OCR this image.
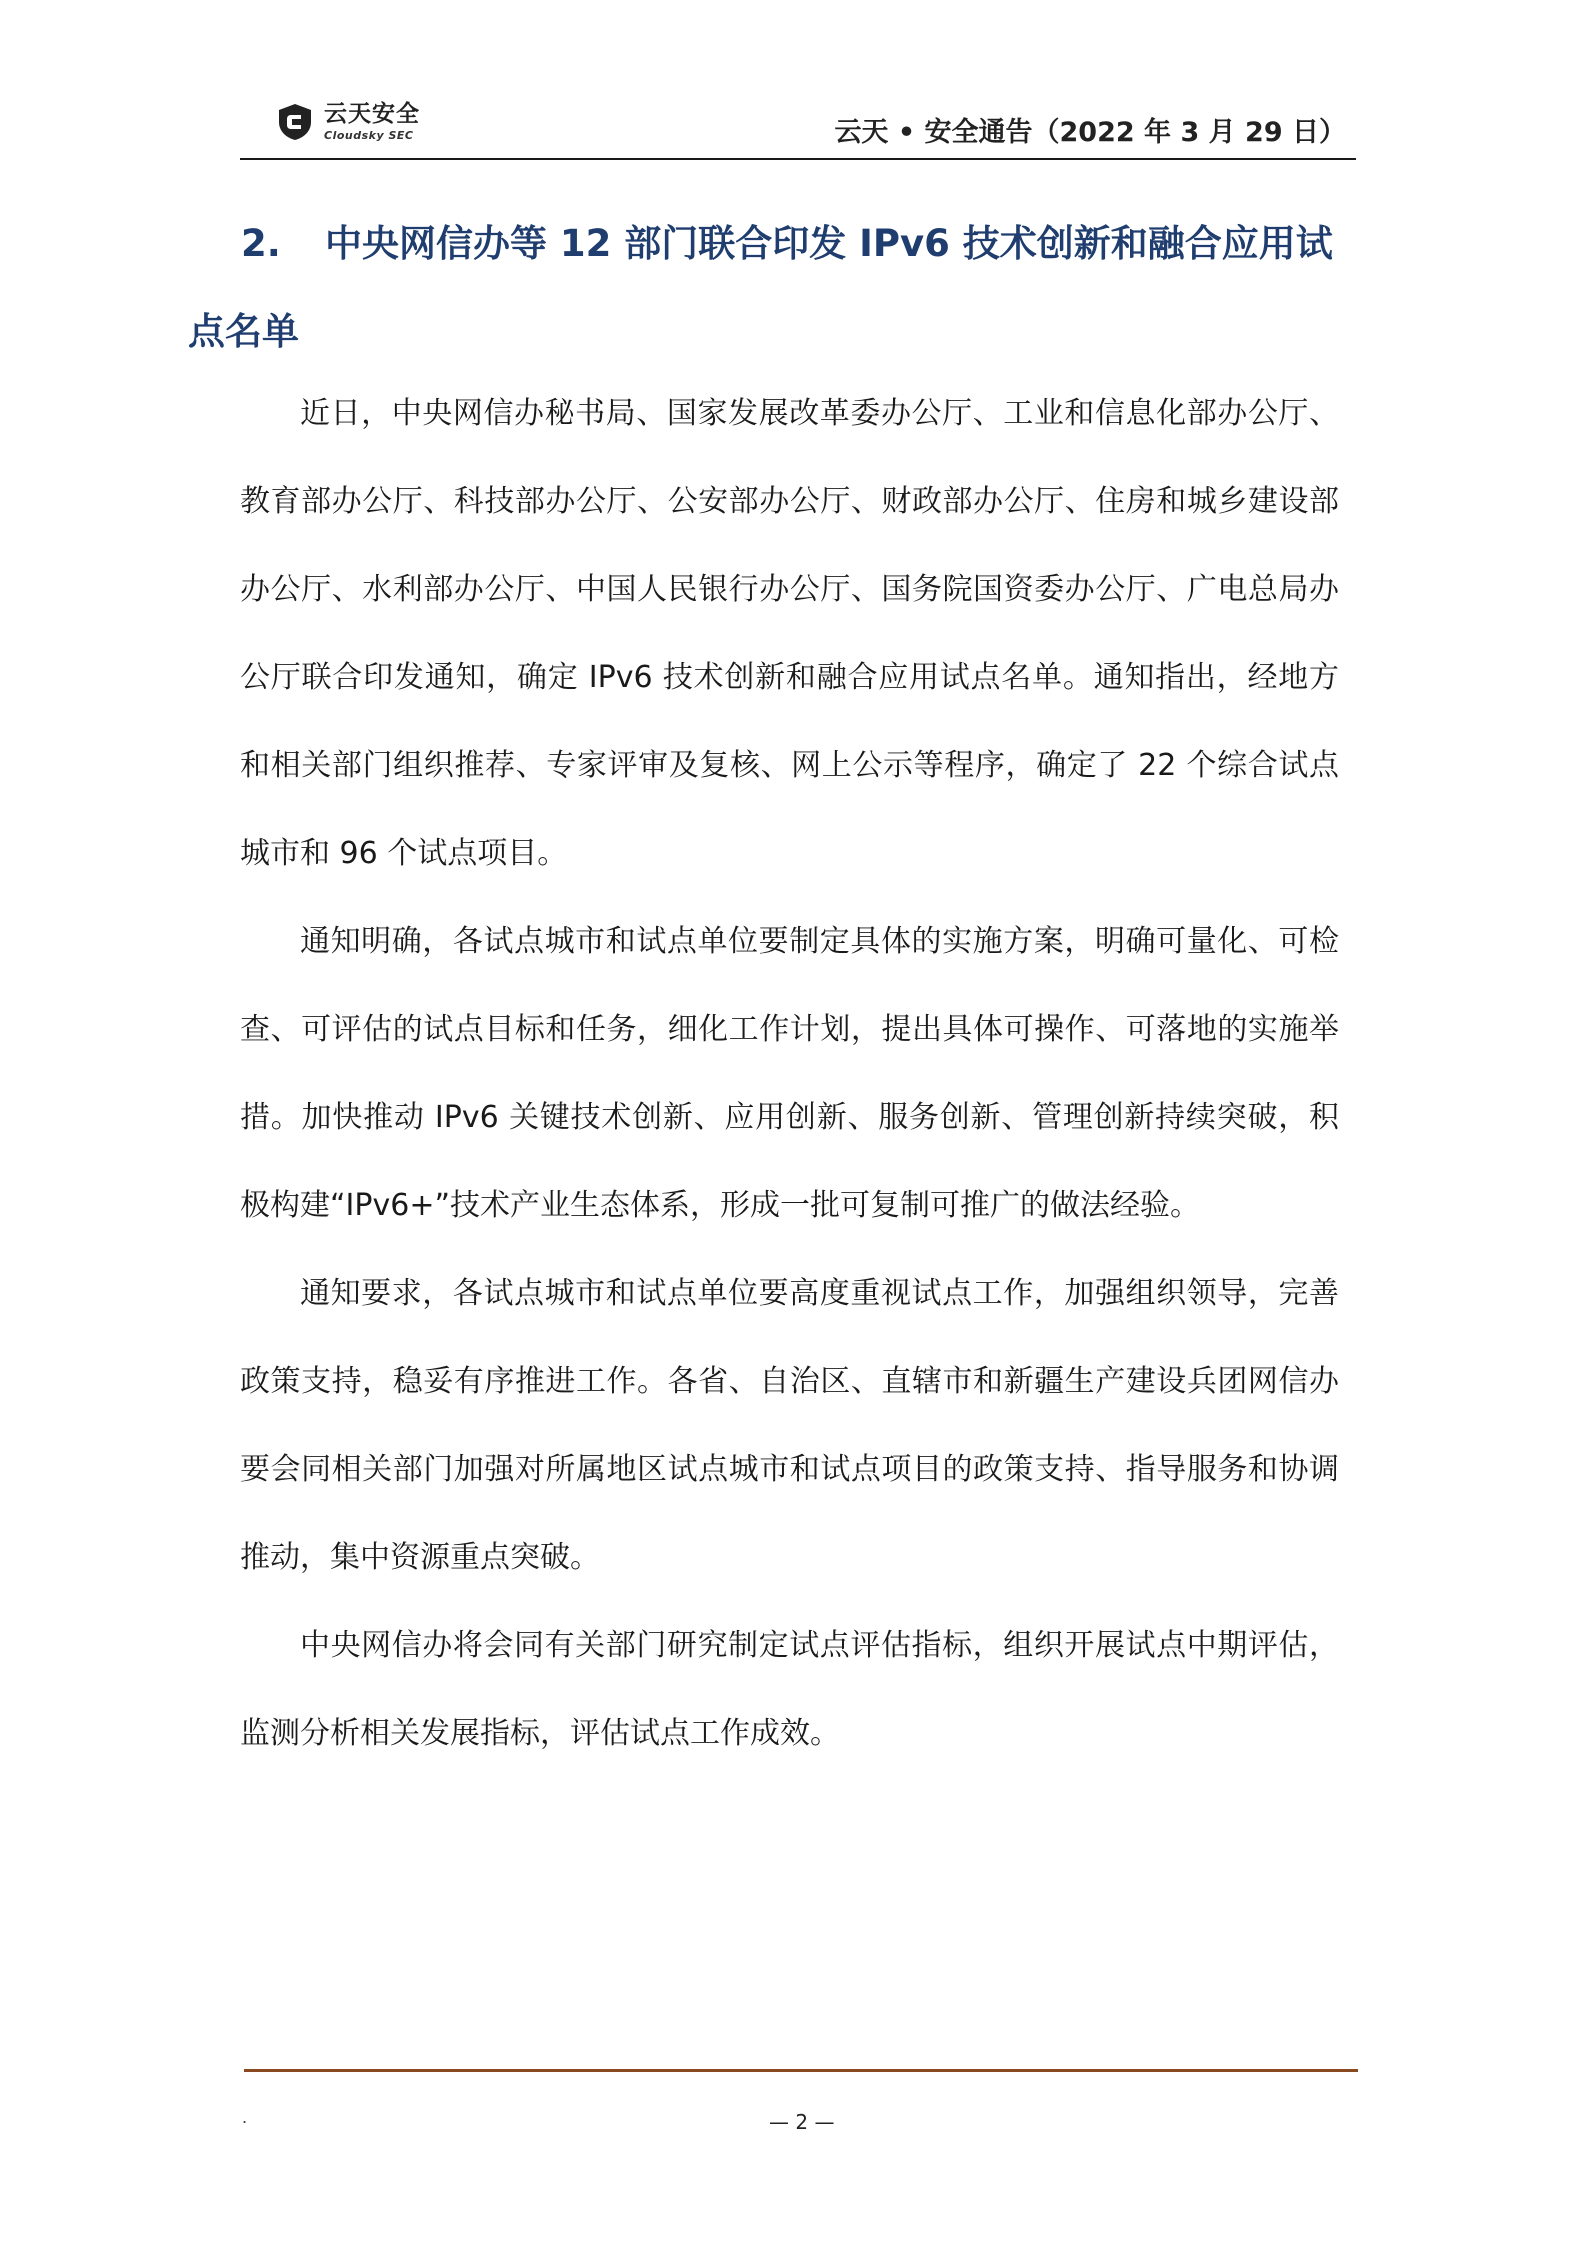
云天安全
Cloudsky SEC	云天 • 安全通告（2022 年 3 月 29 日）
2. 中央网信办等 12 部门联合印发 IPv6 技术创新和融合应用试点名单

近日，中央网信办秘书局、国家发展改革委办公厅、工业和信息化部办公厅、教育部办公厅、科技部办公厅、公安部办公厅、财政部办公厅、住房和城乡建设部办公厅、水利部办公厅、中国人民银行办公厅、国务院国资委办公厅、广电总局办公厅联合印发通知，确定 IPv6 技术创新和融合应用试点名单。通知指出，经地方和相关部门组织推荐、专家评审及复核、网上公示等程序，确定了 22 个综合试点城市和 96 个试点项目。

通知明确，各试点城市和试点单位要制定具体的实施方案，明确可量化、可检查、可评估的试点目标和任务，细化工作计划，提出具体可操作、可落地的实施举措。加快推动 IPv6 关键技术创新、应用创新、服务创新、管理创新持续突破，积极构建“IPv6+”技术产业生态体系，形成一批可复制可推广的做法经验。

通知要求，各试点城市和试点单位要高度重视试点工作，加强组织领导，完善政策支持，稳妥有序推进工作。各省、自治区、直辖市和新疆生产建设兵团网信办要会同相关部门加强对所属地区试点城市和试点项目的政策支持、指导服务和协调推动，集中资源重点突破。

中央网信办将会同有关部门研究制定试点评估指标，组织开展试点中期评估，监测分析相关发展指标，评估试点工作成效。

.	— 2 —
